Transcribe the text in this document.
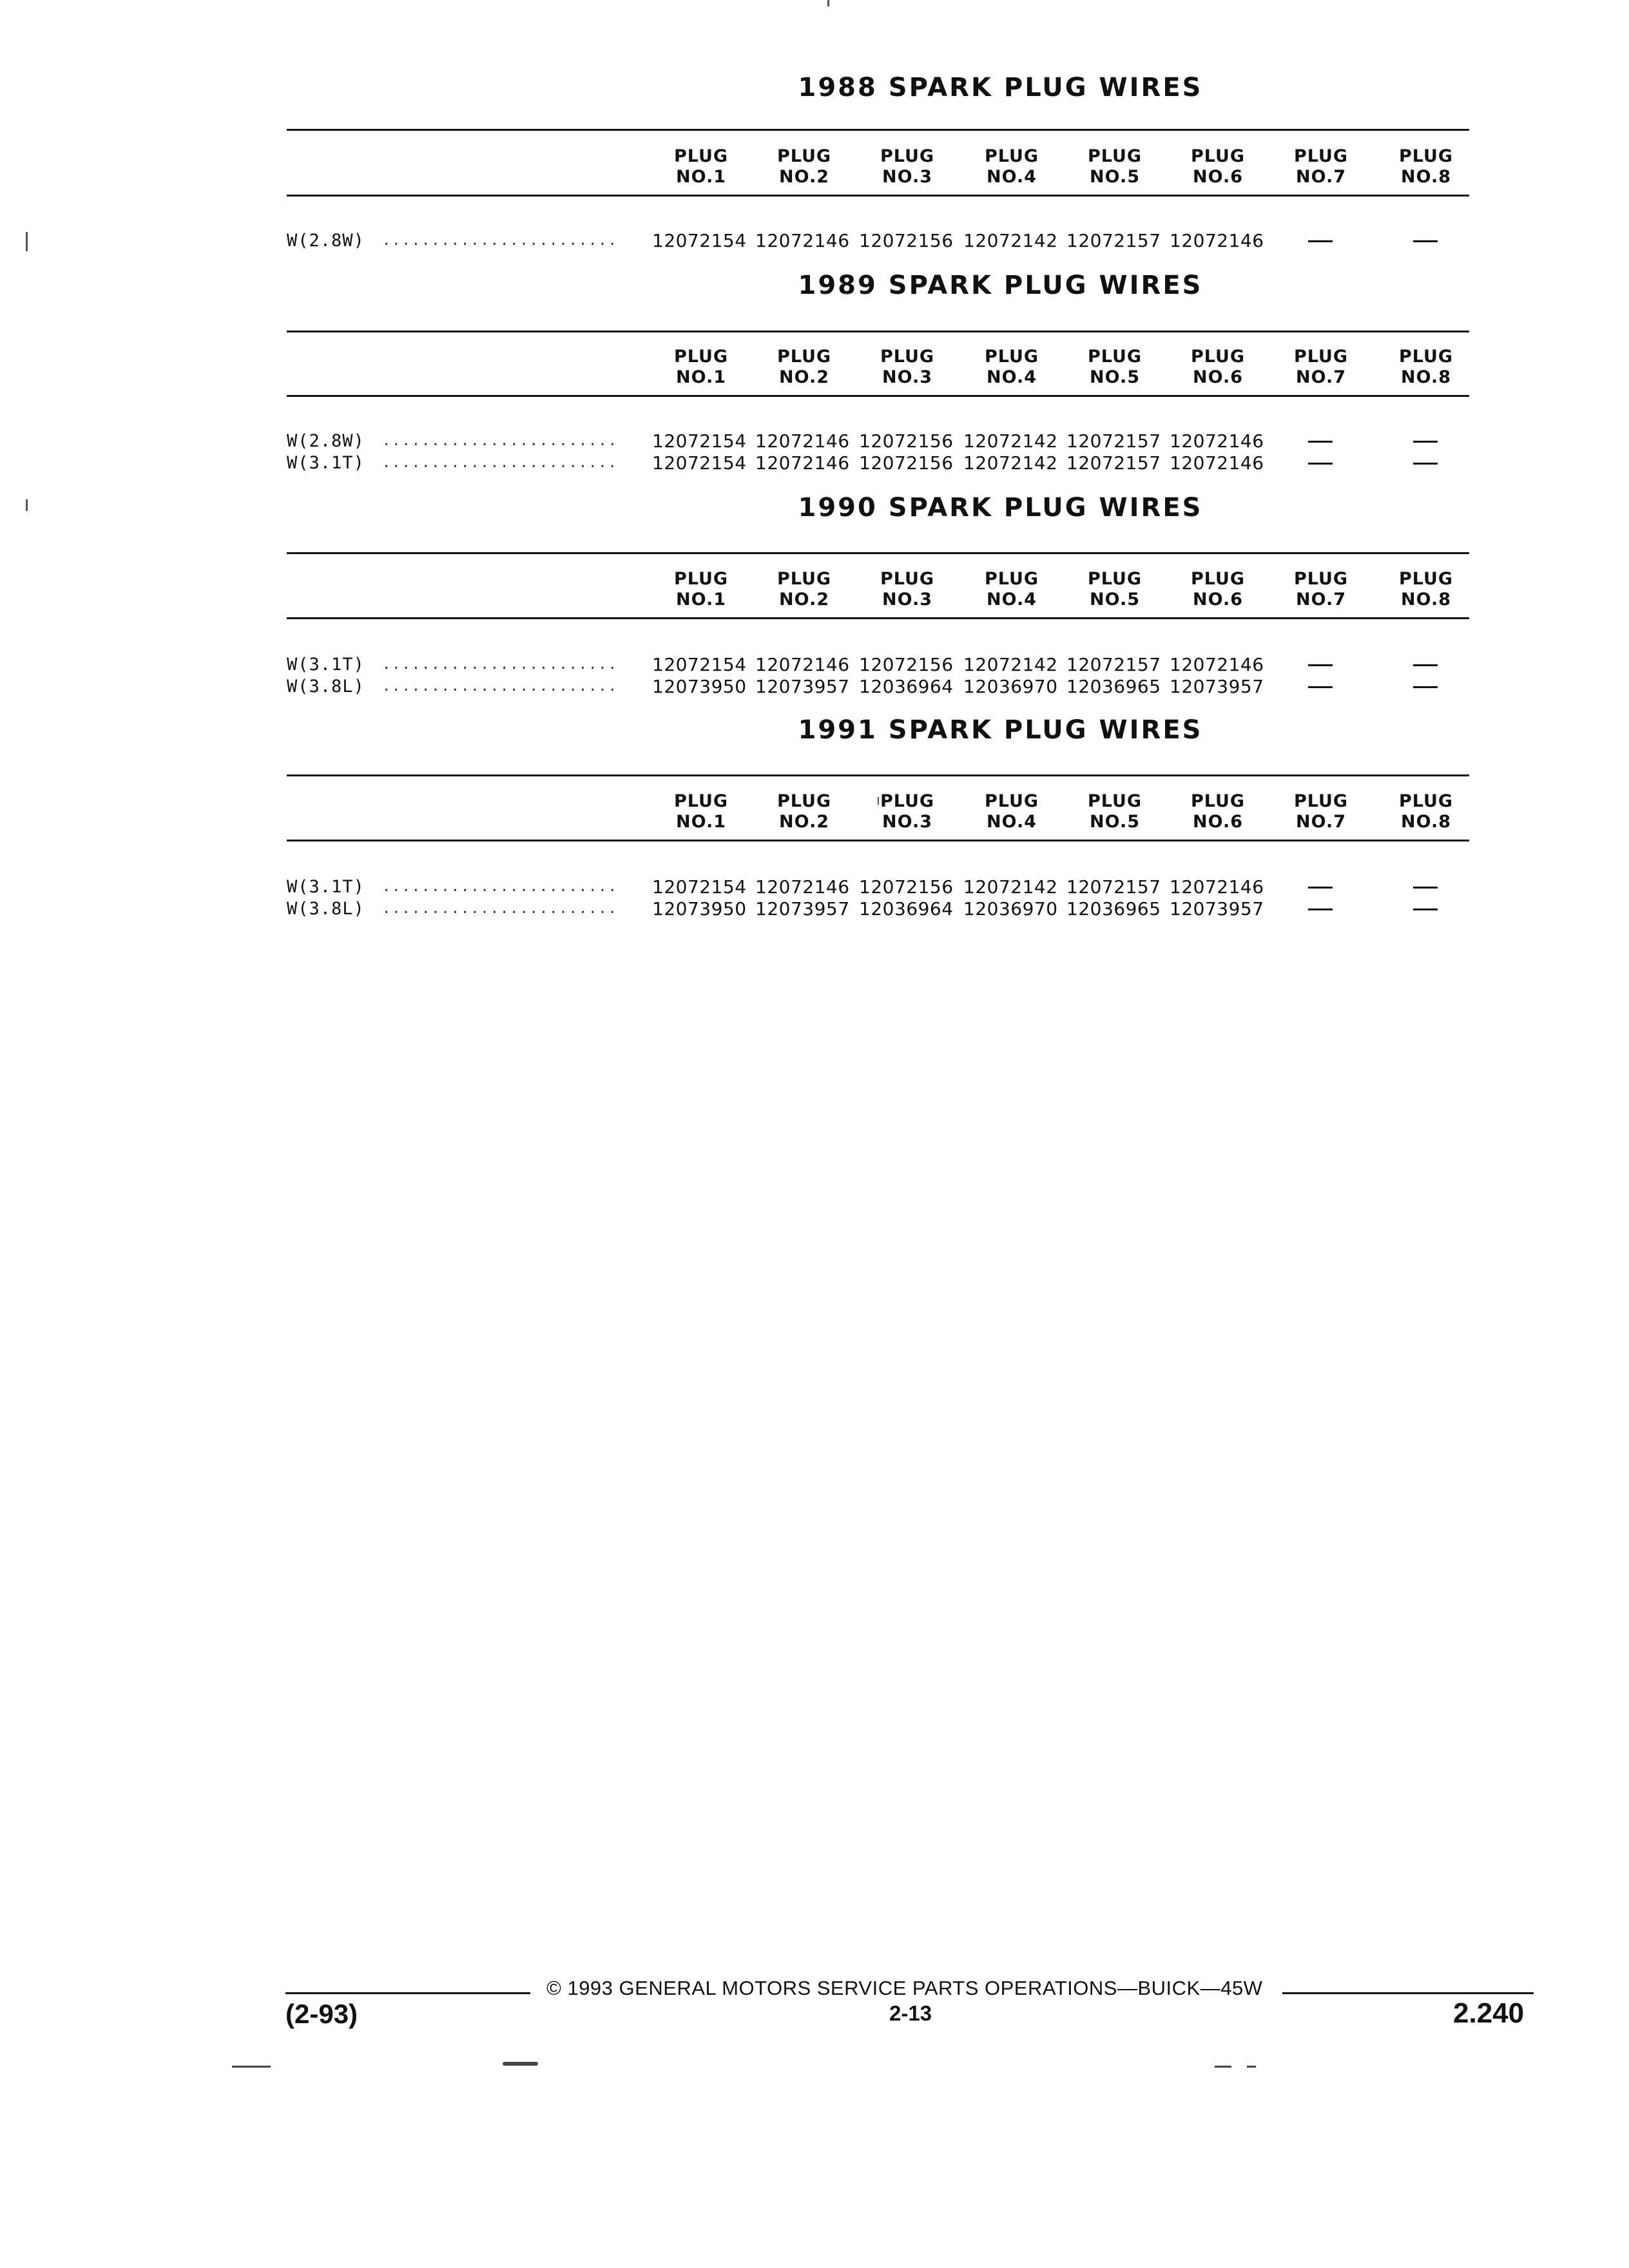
1988 SPARK PLUG WIRES
PLUG
NO.1
PLUG
NO.2
PLUG
NO.3
PLUG
NO.4
PLUG
NO.5
PLUG
NO.6
PLUG
NO.7
PLUG
NO.8
W(2.8W) ........................ 12072154 12072146 12072156 12072142 12072157 12072146
1989 SPARK PLUG WIRES
PLUG
NO.1
PLUG
NO.2
PLUG
NO.3
PLUG
NO.4
PLUG
NO.5
PLUG
NO.6
PLUG
NO.7
PLUG
NO.8
W(2.8W) ........................ 12072154 12072146 12072156 12072142 12072157 12072146
W(3.1T) ........................ 12072154 12072146 12072156 12072142 12072157 12072146
1990 SPARK PLUG WIRES
PLUG
NO.1
PLUG
NO.2
PLUG
NO.3
PLUG
NO.4
PLUG
NO.5
PLUG
NO.6
PLUG
NO.7
PLUG
NO.8
W(3.1T) ........................ 12072154 12072146 12072156 12072142 12072157 12072146
W(3.8L) ........................ 12073950 12073957 12036964 12036970 12036965 12073957
1991 SPARK PLUG WIRES
PLUG
NO.1
PLUG
NO.2
PLUG
NO.3
PLUG
NO.4
PLUG
NO.5
PLUG
NO.6
PLUG
NO.7
PLUG
NO.8
W(3.1T) ........................ 12072154 12072146 12072156 12072142 12072157 12072146
W(3.8L) ........................ 12073950 12073957 12036964 12036970 12036965 12073957
© 1993 GENERAL MOTORS SERVICE PARTS OPERATIONS—BUICK—45W
(2-93)	2-13	2.240
